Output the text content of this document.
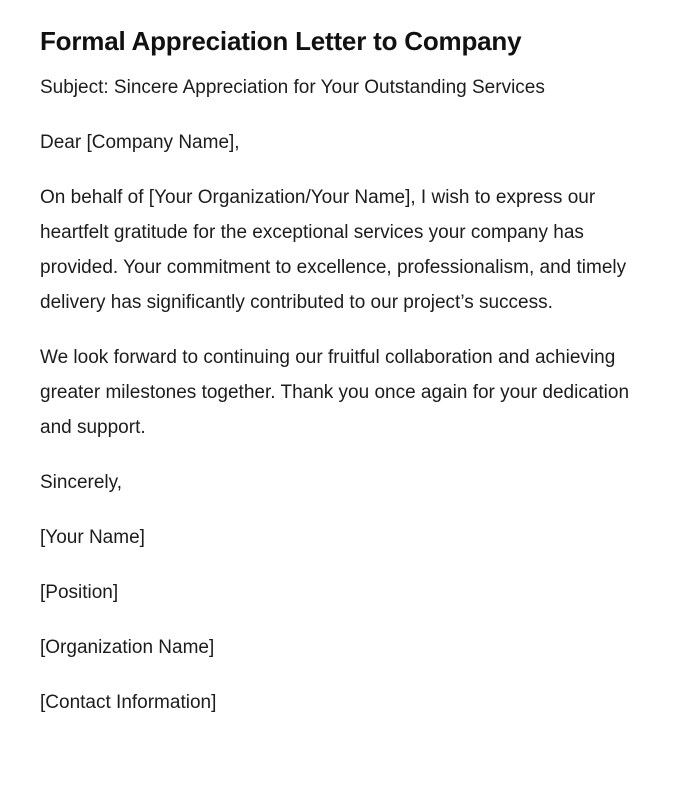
Formal Appreciation Letter to Company

Subject: Sincere Appreciation for Your Outstanding Services

Dear [Company Name],

On behalf of [Your Organization/Your Name], I wish to express our heartfelt gratitude for the exceptional services your company has provided. Your commitment to excellence, professionalism, and timely delivery has significantly contributed to our project’s success.

We look forward to continuing our fruitful collaboration and achieving greater milestones together. Thank you once again for your dedication and support.

Sincerely,

[Your Name]

[Position]

[Organization Name]

[Contact Information]
